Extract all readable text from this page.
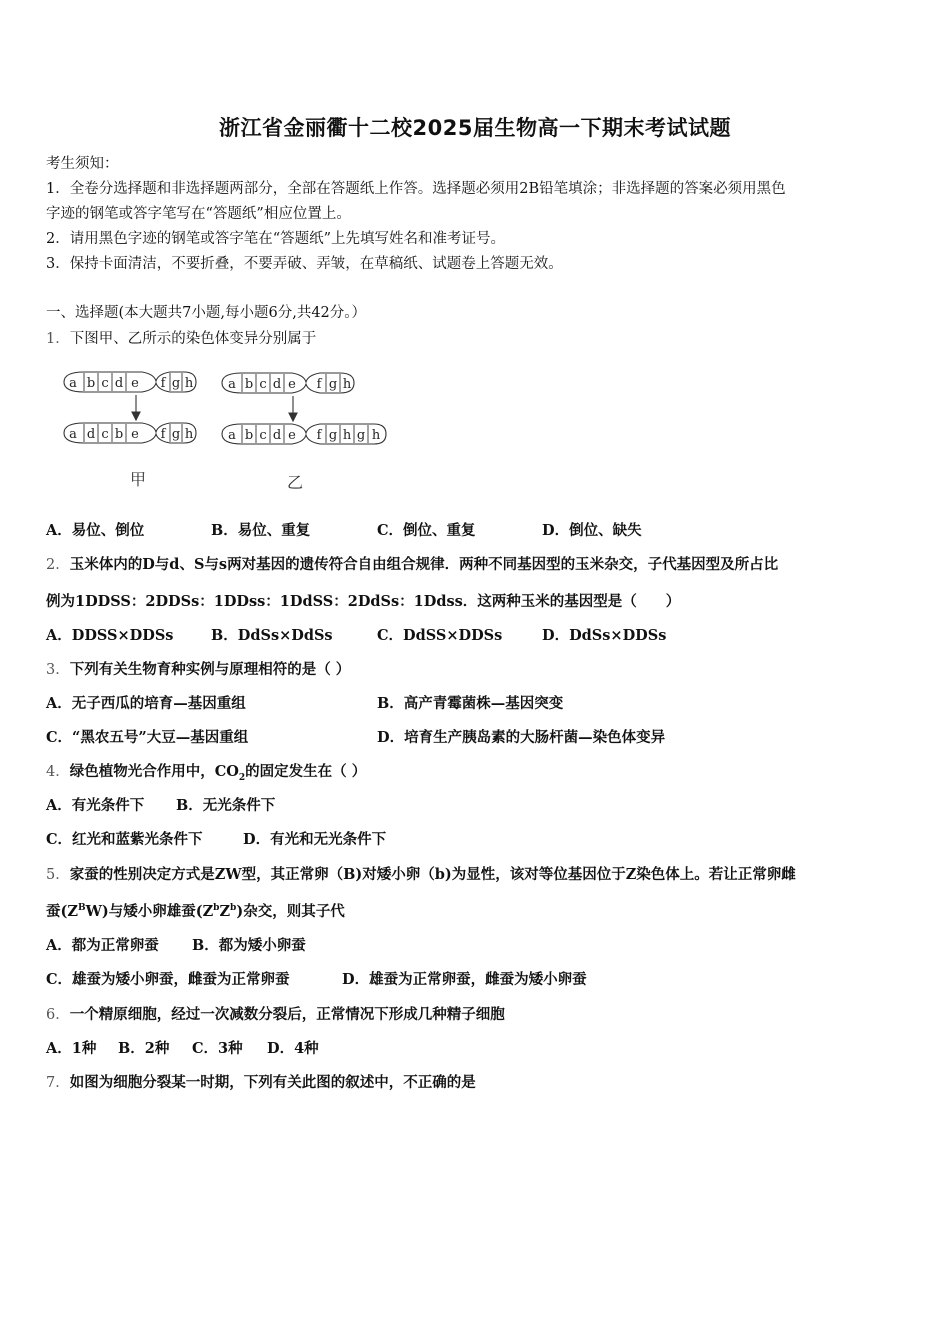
浙江省金丽衢十二校2025届生物高一下期末考试试题
考生须知：
1．全卷分选择题和非选择题两部分，全部在答题纸上作答。选择题必须用2B铅笔填涂；非选择题的答案必须用黑色
字迹的钢笔或答字笔写在“答题纸”相应位置上。
2．请用黑色字迹的钢笔或答字笔在“答题纸”上先填写姓名和准考证号。
3．保持卡面清洁，不要折叠，不要弄破、弄皱，在草稿纸、试题卷上答题无效。
一、选择题(本大题共7小题,每小题6分,共42分。）
1．下图甲、乙所示的染色体变异分别属于
a b c d e f g h
a d c b e f g h
a b c d e f g h
a b c d e f g h g h
甲	乙
A．易位、倒位	B．易位、重复	C．倒位、重复	D．倒位、缺失
2．玉米体内的D与d、S与s两对基因的遗传符合自由组合规律．两种不同基因型的玉米杂交，子代基因型及所占比
例为1DDSS：2DDSs：1DDss：1DdSS：2DdSs：1Ddss．这两种玉米的基因型是（　　）
A．DDSS×DDSs	B．DdSs×DdSs	C．DdSS×DDSs	D．DdSs×DDSs
3．下列有关生物育种实例与原理相符的是（ ）
A．无子西瓜的培育—基因重组	B．高产青霉菌株—基因突变
C．“黑农五号”大豆—基因重组	D．培育生产胰岛素的大肠杆菌—染色体变异
4．绿色植物光合作用中，$CO_2$的固定发生在（ ）
A．有光条件下 B．无光条件下
C．红光和蓝紫光条件下	D．有光和无光条件下
5．家蚕的性别决定方式是ZW型，其正常卵（B)对矮小卵（b)为显性，该对等位基因位于Z染色体上。若让正常卵雌
蚕$(Z^BW)$与矮小卵雄蚕$(Z^bZ^b)$杂交，则其子代
A．都为正常卵蚕 B．都为矮小卵蚕
C．雄蚕为矮小卵蚕，雌蚕为正常卵蚕	D．雄蚕为正常卵蚕，雌蚕为矮小卵蚕
6．一个精原细胞，经过一次减数分裂后，正常情况下形成几种精子细胞
A．1种 B．2种 C．3种 D．4种
7．如图为细胞分裂某一时期，下列有关此图的叙述中，不正确的是
